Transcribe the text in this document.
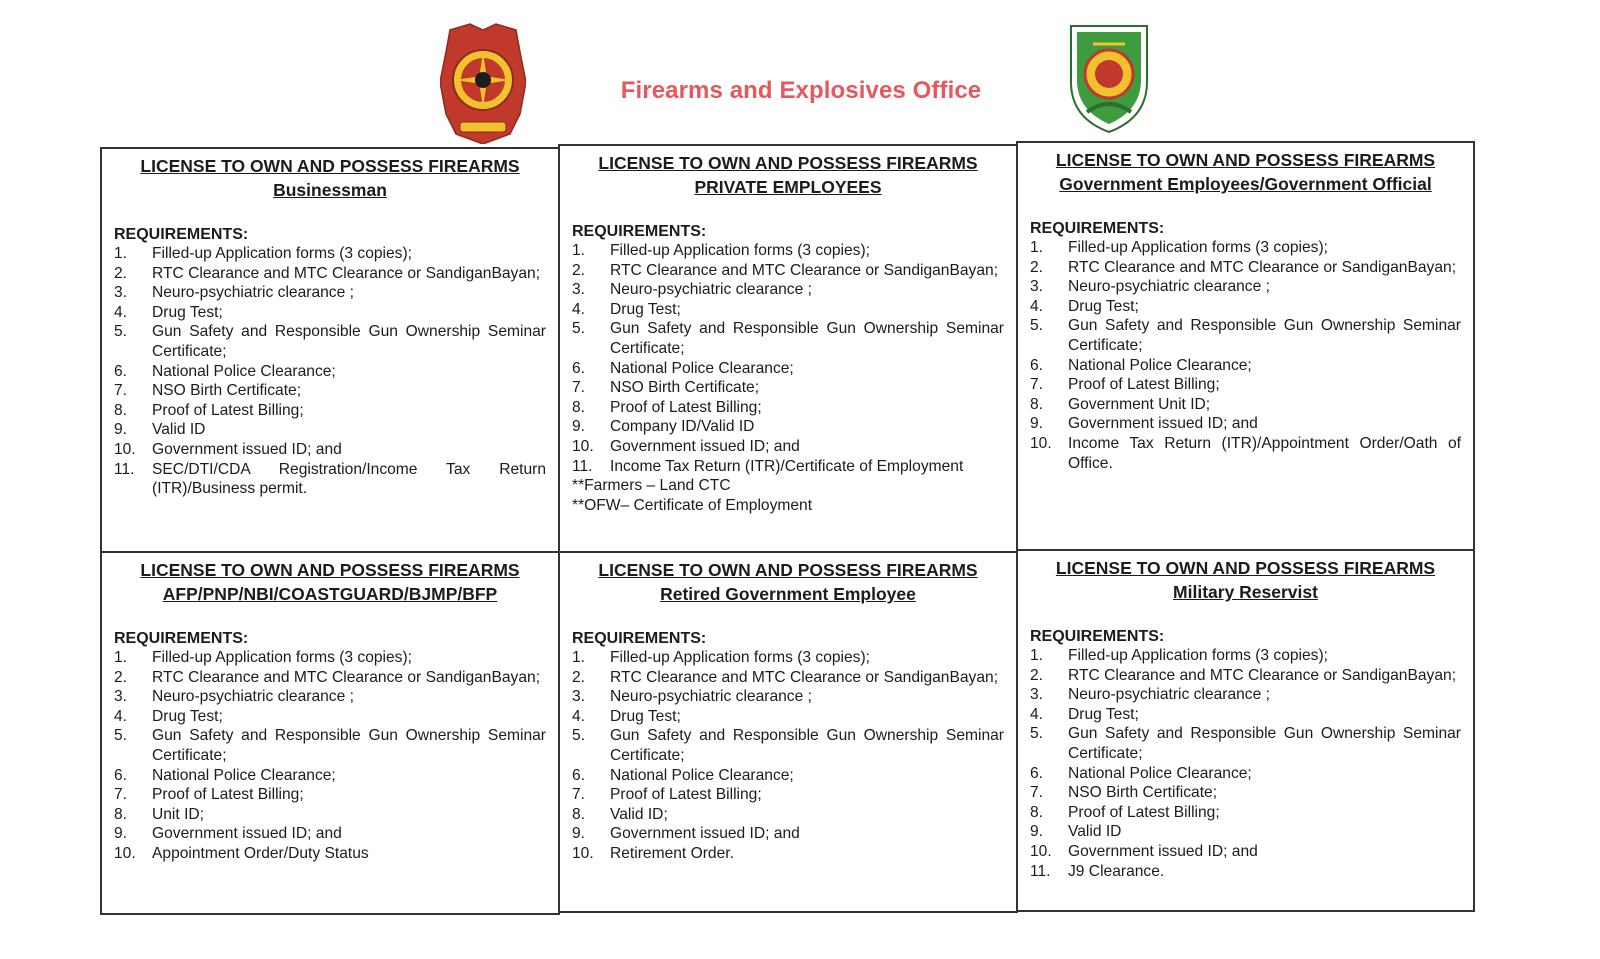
Firearms and Explosives Office
LICENSE TO OWN AND POSSESS FIREARMS
Businessman
REQUIREMENTS:
1. Filled-up Application forms (3 copies);
2. RTC Clearance and MTC Clearance or SandiganBayan;
3. Neuro-psychiatric clearance ;
4. Drug Test;
5. Gun Safety and Responsible Gun Ownership Seminar Certificate;
6. National Police Clearance;
7. NSO Birth Certificate;
8. Proof of Latest Billing;
9. Valid ID
10. Government issued ID; and
11. SEC/DTI/CDA Registration/Income Tax Return (ITR)/Business permit.
LICENSE TO OWN AND POSSESS FIREARMS
PRIVATE EMPLOYEES
REQUIREMENTS:
1. Filled-up Application forms (3 copies);
2. RTC Clearance and MTC Clearance or SandiganBayan;
3. Neuro-psychiatric clearance ;
4. Drug Test;
5. Gun Safety and Responsible Gun Ownership Seminar Certificate;
6. National Police Clearance;
7. NSO Birth Certificate;
8. Proof of Latest Billing;
9. Company ID/Valid ID
10. Government issued ID; and
11. Income Tax Return (ITR)/Certificate of Employment
**Farmers – Land CTC
**OFW– Certificate of Employment
LICENSE TO OWN AND POSSESS FIREARMS
Government Employees/Government Official
REQUIREMENTS:
1. Filled-up Application forms (3 copies);
2. RTC Clearance and MTC Clearance or SandiganBayan;
3. Neuro-psychiatric clearance ;
4. Drug Test;
5. Gun Safety and Responsible Gun Ownership Seminar Certificate;
6. National Police Clearance;
7. Proof of Latest Billing;
8. Government Unit ID;
9. Government issued ID; and
10. Income Tax Return (ITR)/Appointment Order/Oath of Office.
LICENSE TO OWN AND POSSESS FIREARMS
AFP/PNP/NBI/COASTGUARD/BJMP/BFP
REQUIREMENTS:
1. Filled-up Application forms (3 copies);
2. RTC Clearance and MTC Clearance or SandiganBayan;
3. Neuro-psychiatric clearance ;
4. Drug Test;
5. Gun Safety and Responsible Gun Ownership Seminar Certificate;
6. National Police Clearance;
7. Proof of Latest Billing;
8. Unit ID;
9. Government issued ID; and
10. Appointment Order/Duty Status
LICENSE TO OWN AND POSSESS FIREARMS
Retired Government Employee
REQUIREMENTS:
1. Filled-up Application forms (3 copies);
2. RTC Clearance and MTC Clearance or SandiganBayan;
3. Neuro-psychiatric clearance ;
4. Drug Test;
5. Gun Safety and Responsible Gun Ownership Seminar Certificate;
6. National Police Clearance;
7. Proof of Latest Billing;
8. Valid ID;
9. Government issued ID; and
10. Retirement Order.
LICENSE TO OWN AND POSSESS FIREARMS
Military Reservist
REQUIREMENTS:
1. Filled-up Application forms (3 copies);
2. RTC Clearance and MTC Clearance or SandiganBayan;
3. Neuro-psychiatric clearance ;
4. Drug Test;
5. Gun Safety and Responsible Gun Ownership Seminar Certificate;
6. National Police Clearance;
7. NSO Birth Certificate;
8. Proof of Latest Billing;
9. Valid ID
10. Government issued ID; and
11. J9 Clearance.
